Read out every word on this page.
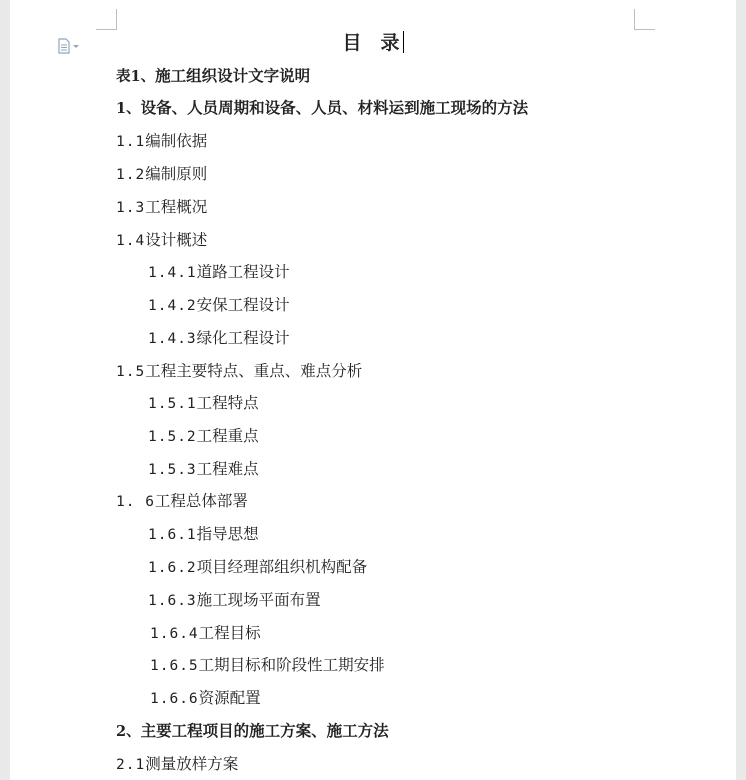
目 录
表1、施工组织设计文字说明
1、设备、人员周期和设备、人员、材料运到施工现场的方法
1.1编制依据
1.2编制原则
1.3工程概况
1.4设计概述
1.4.1道路工程设计
1.4.2安保工程设计
1.4.3绿化工程设计
1.5工程主要特点、重点、难点分析
1.5.1工程特点
1.5.2工程重点
1.5.3工程难点
1. 6工程总体部署
1.6.1指导思想
1.6.2项目经理部组织机构配备
1.6.3施工现场平面布置
1.6.4工程目标
1.6.5工期目标和阶段性工期安排
1.6.6资源配置
2、主要工程项目的施工方案、施工方法
2.1测量放样方案
